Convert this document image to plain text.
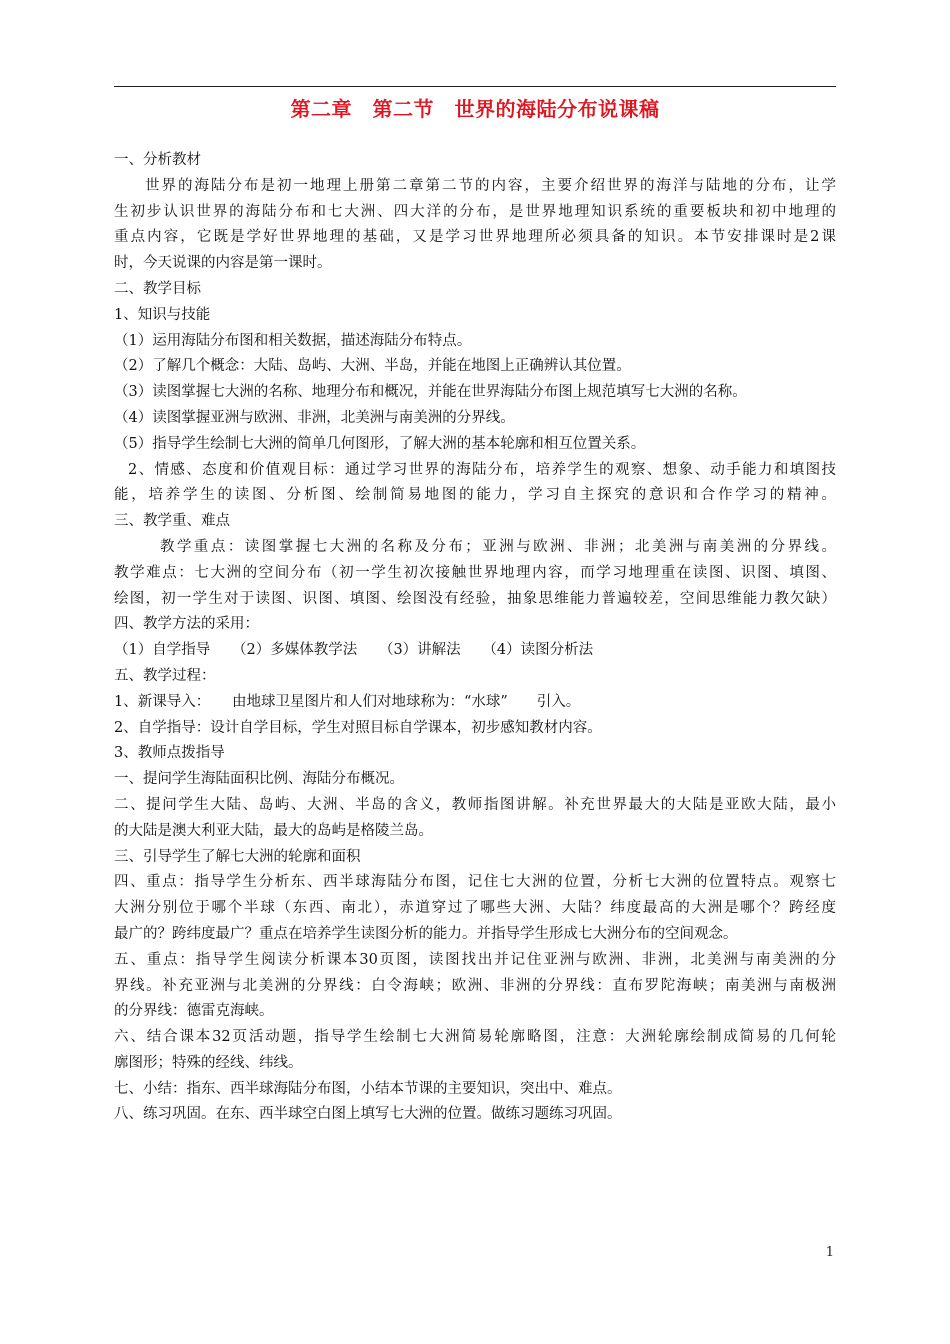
第二章　第二节　世界的海陆分布说课稿
一、分析教材
世界的海陆分布是初一地理上册第二章第二节的内容，主要介绍世界的海洋与陆地的分布，让学
生初步认识世界的海陆分布和七大洲、四大洋的分布，是世界地理知识系统的重要板块和初中地理的
重点内容，它既是学好世界地理的基础，又是学习世界地理所必须具备的知识。本节安排课时是2课
时，今天说课的内容是第一课时。
二、教学目标
1、知识与技能
（1）运用海陆分布图和相关数据，描述海陆分布特点。
（2）了解几个概念：大陆、岛屿、大洲、半岛，并能在地图上正确辨认其位置。
（3）读图掌握七大洲的名称、地理分布和概况，并能在世界海陆分布图上规范填写七大洲的名称。
（4）读图掌握亚洲与欧洲、非洲，北美洲与南美洲的分界线。
（5）指导学生绘制七大洲的简单几何图形，了解大洲的基本轮廓和相互位置关系。
2、情感、态度和价值观目标：通过学习世界的海陆分布，培养学生的观察、想象、动手能力和填图技
能，培养学生的读图、分析图、绘制简易地图的能力，学习自主探究的意识和合作学习的精神。
三、教学重、难点
教学重点：读图掌握七大洲的名称及分布；亚洲与欧洲、非洲；北美洲与南美洲的分界线。
教学难点：七大洲的空间分布（初一学生初次接触世界地理内容，而学习地理重在读图、识图、填图、
绘图，初一学生对于读图、识图、填图、绘图没有经验，抽象思维能力普遍较差，空间思维能力教欠缺）
四、教学方法的采用：
（1）自学指导　　（2）多媒体教学法　　（3）讲解法　　（4）读图分析法
五、教学过程：
1、新课导入：　　由地球卫星图片和人们对地球称为：“水球”　　引入。
2、自学指导：设计自学目标，学生对照目标自学课本，初步感知教材内容。
3、教师点拨指导
一、提问学生海陆面积比例、海陆分布概况。
二、提问学生大陆、岛屿、大洲、半岛的含义，教师指图讲解。补充世界最大的大陆是亚欧大陆，最小
的大陆是澳大利亚大陆，最大的岛屿是格陵兰岛。
三、引导学生了解七大洲的轮廓和面积
四、重点：指导学生分析东、西半球海陆分布图，记住七大洲的位置，分析七大洲的位置特点。观察七
大洲分别位于哪个半球（东西、南北），赤道穿过了哪些大洲、大陆？纬度最高的大洲是哪个？跨经度
最广的？跨纬度最广？重点在培养学生读图分析的能力。并指导学生形成七大洲分布的空间观念。
五、重点：指导学生阅读分析课本30页图，读图找出并记住亚洲与欧洲、非洲，北美洲与南美洲的分
界线。补充亚洲与北美洲的分界线：白令海峡；欧洲、非洲的分界线：直布罗陀海峡；南美洲与南极洲
的分界线：德雷克海峡。
六、结合课本32页活动题，指导学生绘制七大洲简易轮廓略图，注意：大洲轮廓绘制成简易的几何轮
廓图形；特殊的经线、纬线。
七、小结：指东、西半球海陆分布图，小结本节课的主要知识，突出中、难点。
八、练习巩固。在东、西半球空白图上填写七大洲的位置。做练习题练习巩固。
1
